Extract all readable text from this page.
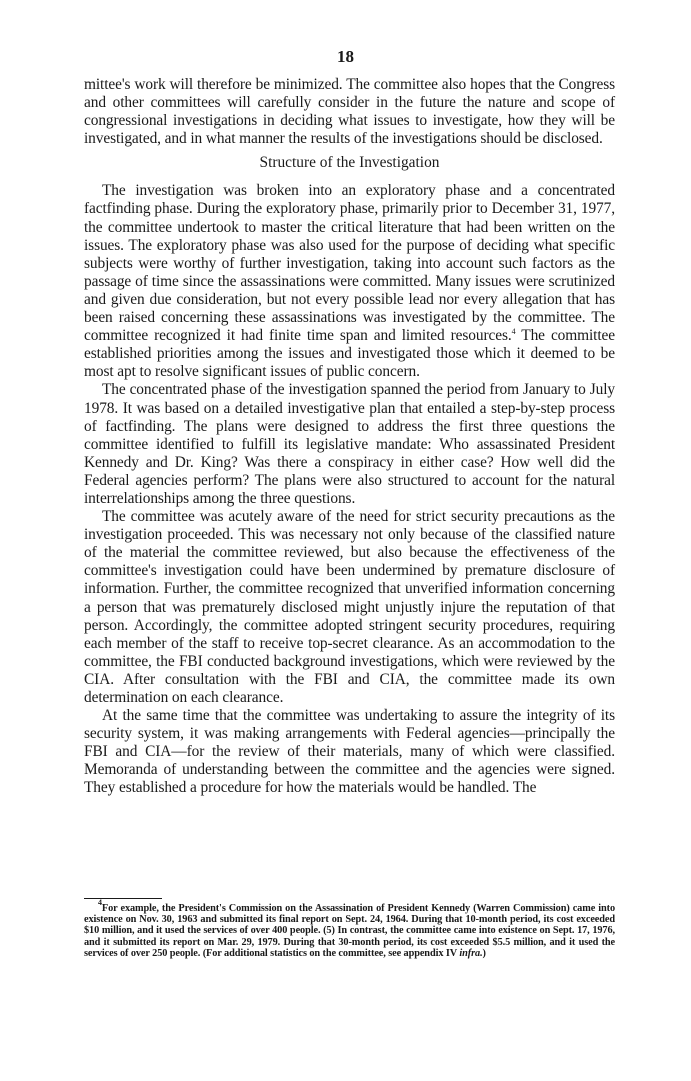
18

mittee's work will therefore be minimized. The committee also hopes that the Congress and other committees will carefully consider in the future the nature and scope of congressional investigations in deciding what issues to investigate, how they will be investigated, and in what manner the results of the investigations should be disclosed.

Structure of the Investigation

The investigation was broken into an exploratory phase and a concentrated factfinding phase. During the exploratory phase, primarily prior to December 31, 1977, the committee undertook to master the critical literature that had been written on the issues. The exploratory phase was also used for the purpose of deciding what specific subjects were worthy of further investigation, taking into account such factors as the passage of time since the assassinations were committed. Many issues were scrutinized and given due consideration, but not every possible lead nor every allegation that has been raised concerning these assassinations was investigated by the committee. The committee recognized it had finite time span and limited resources.$^4$ The committee established priorities among the issues and investigated those which it deemed to be most apt to resolve significant issues of public concern.

The concentrated phase of the investigation spanned the period from January to July 1978. It was based on a detailed investigative plan that entailed a step-by-step process of factfinding. The plans were designed to address the first three questions the committee identified to fulfill its legislative mandate: Who assassinated President Kennedy and Dr. King? Was there a conspiracy in either case? How well did the Federal agencies perform? The plans were also structured to account for the natural interrelationships among the three questions.

The committee was acutely aware of the need for strict security precautions as the investigation proceeded. This was necessary not only because of the classified nature of the material the committee reviewed, but also because the effectiveness of the committee's investigation could have been undermined by premature disclosure of information. Further, the committee recognized that unverified information concerning a person that was prematurely disclosed might unjustly injure the reputation of that person. Accordingly, the committee adopted stringent security procedures, requiring each member of the staff to receive top-secret clearance. As an accommodation to the committee, the FBI conducted background investigations, which were reviewed by the CIA. After consultation with the FBI and CIA, the committee made its own determination on each clearance.

At the same time that the committee was undertaking to assure the integrity of its security system, it was making arrangements with Federal agencies—principally the FBI and CIA—for the review of their materials, many of which were classified. Memoranda of understanding between the committee and the agencies were signed. They established a procedure for how the materials would be handled. The

$^4$For example, the President's Commission on the Assassination of President Kennedy (Warren Commission) came into existence on Nov. 30, 1963 and submitted its final report on Sept. 24, 1964. During that 10-month period, its cost exceeded $10 million, and it used the services of over 400 people. (5) In contrast, the committee came into existence on Sept. 17, 1976, and it submitted its report on Mar. 29, 1979. During that 30-month period, its cost exceeded $5.5 million, and it used the services of over 250 people. (For additional statistics on the committee, see appendix IV infra.)
